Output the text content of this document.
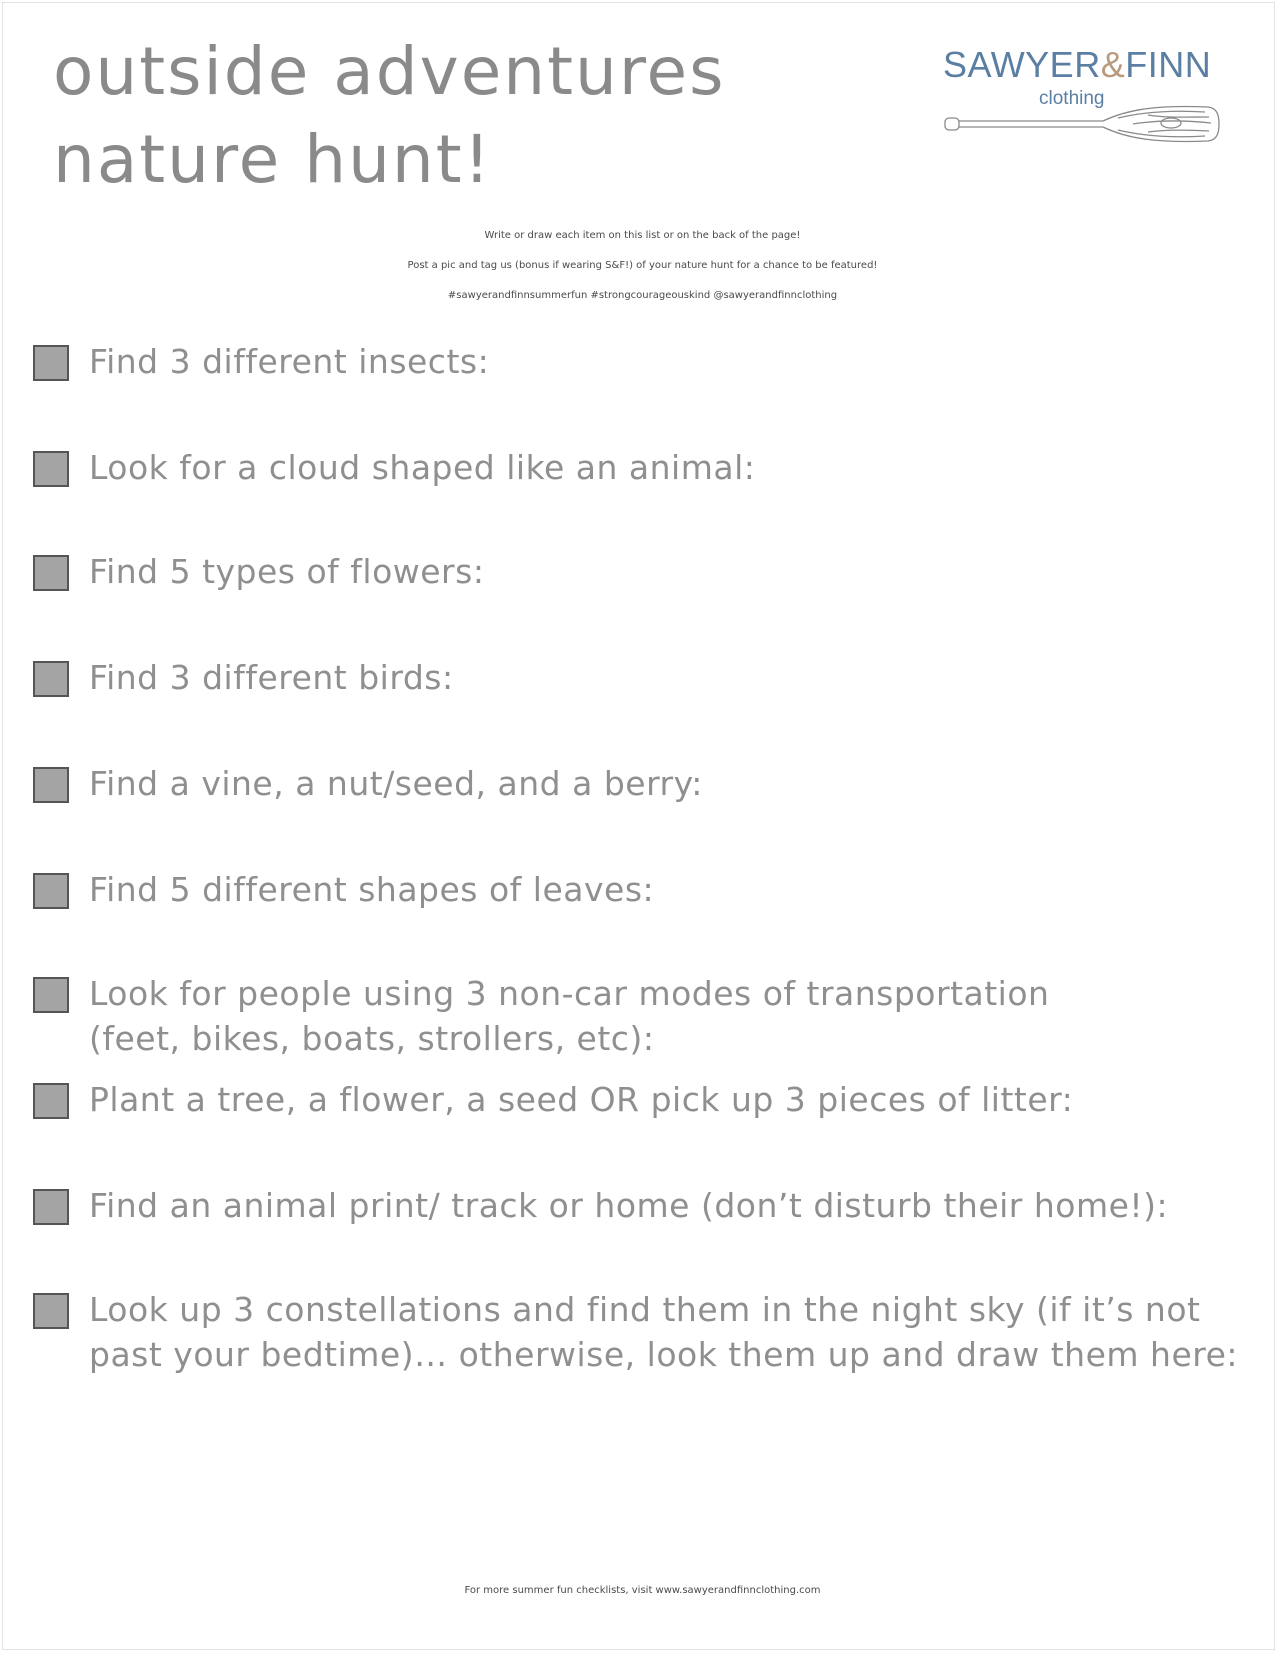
outside adventures
nature hunt!
SAWYER&FINN
clothing
Write or draw each item on this list or on the back of the page!
Post a pic and tag us (bonus if wearing S&F!) of your nature hunt for a chance to be featured!
#sawyerandfinnsummerfun #strongcourageouskind @sawyerandfinnclothing
Find 3 different insects:
Look for a cloud shaped like an animal:
Find 5 types of flowers:
Find 3 different birds:
Find a vine, a nut/seed, and a berry:
Find 5 different shapes of leaves:
Look for people using 3 non-car modes of transportation
(feet, bikes, boats, strollers, etc):
Plant a tree, a flower, a seed OR pick up 3 pieces of litter:
Find an animal print/ track or home (don’t disturb their home!):
Look up 3 constellations and find them in the night sky (if it’s not
past your bedtime)… otherwise, look them up and draw them here:
For more summer fun checklists, visit www.sawyerandfinnclothing.com
